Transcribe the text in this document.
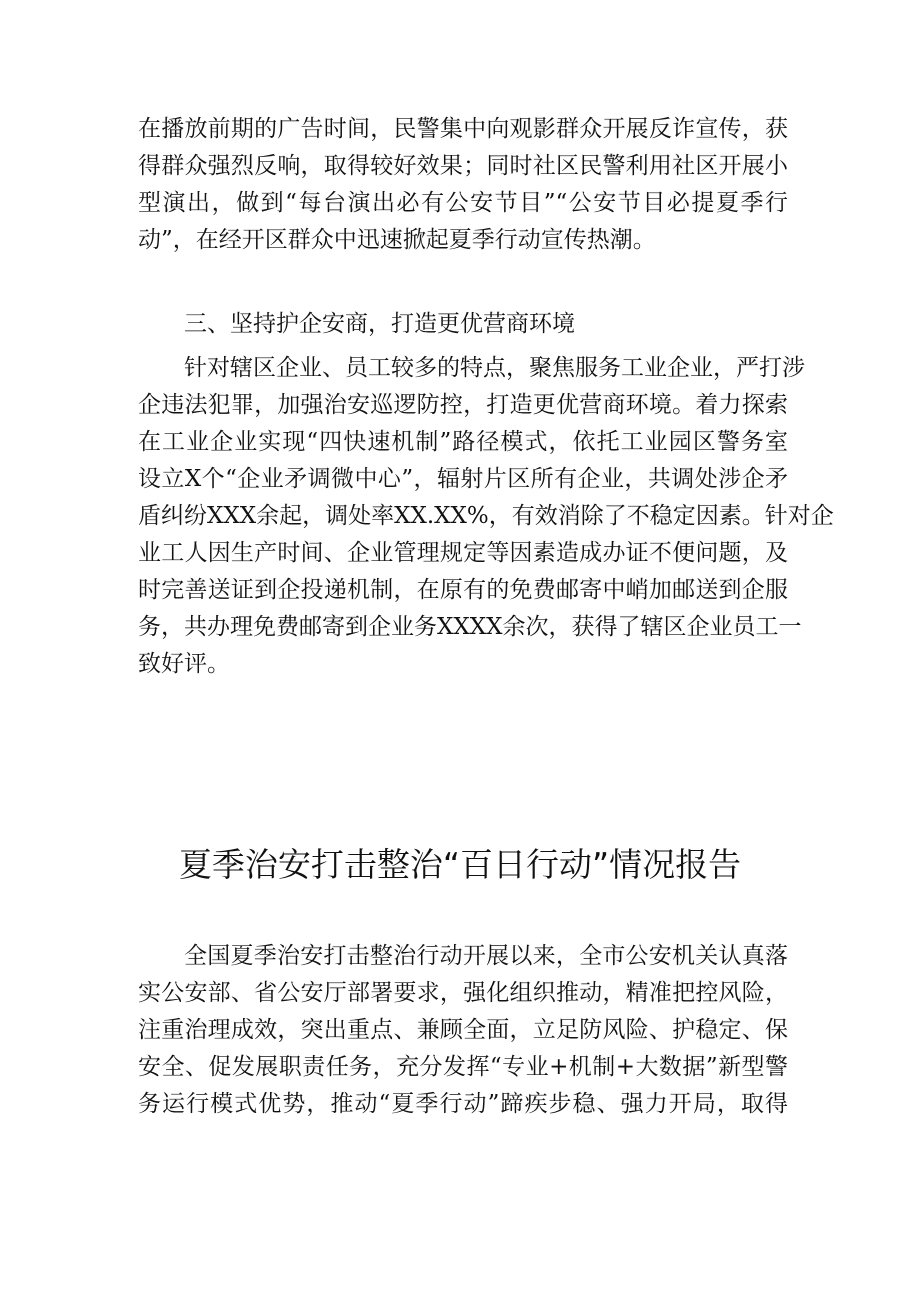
在播放前期的广告时间，民警集中向观影群众开展反诈宣传，获
得群众强烈反响，取得较好效果；同时社区民警利用社区开展小
型演出，做到“每台演出必有公安节目”“公安节目必提夏季行
动”，在经开区群众中迅速掀起夏季行动宣传热潮。
三、坚持护企安商，打造更优营商环境
针对辖区企业、员工较多的特点，聚焦服务工业企业，严打涉
企违法犯罪，加强治安巡逻防控，打造更优营商环境。着力探索
在工业企业实现“四快速机制”路径模式，依托工业园区警务室
设立X个“企业矛调微中心”，辐射片区所有企业，共调处涉企矛
盾纠纷XXX余起，调处率XX.XX%，有效消除了不稳定因素。针对企
业工人因生产时间、企业管理规定等因素造成办证不便问题，及
时完善送证到企投递机制，在原有的免费邮寄中峭加邮送到企服
务，共办理免费邮寄到企业务XXXX余次，获得了辖区企业员工一
致好评。
夏季治安打击整治“百日行动”情况报告
全国夏季治安打击整治行动开展以来，全市公安机关认真落
实公安部、省公安厅部署要求，强化组织推动，精准把控风险，
注重治理成效，突出重点、兼顾全面，立足防风险、护稳定、保
安全、促发展职责任务，充分发挥“专业+机制+大数据”新型警
务运行模式优势，推动“夏季行动”蹄疾步稳、强力开局，取得
